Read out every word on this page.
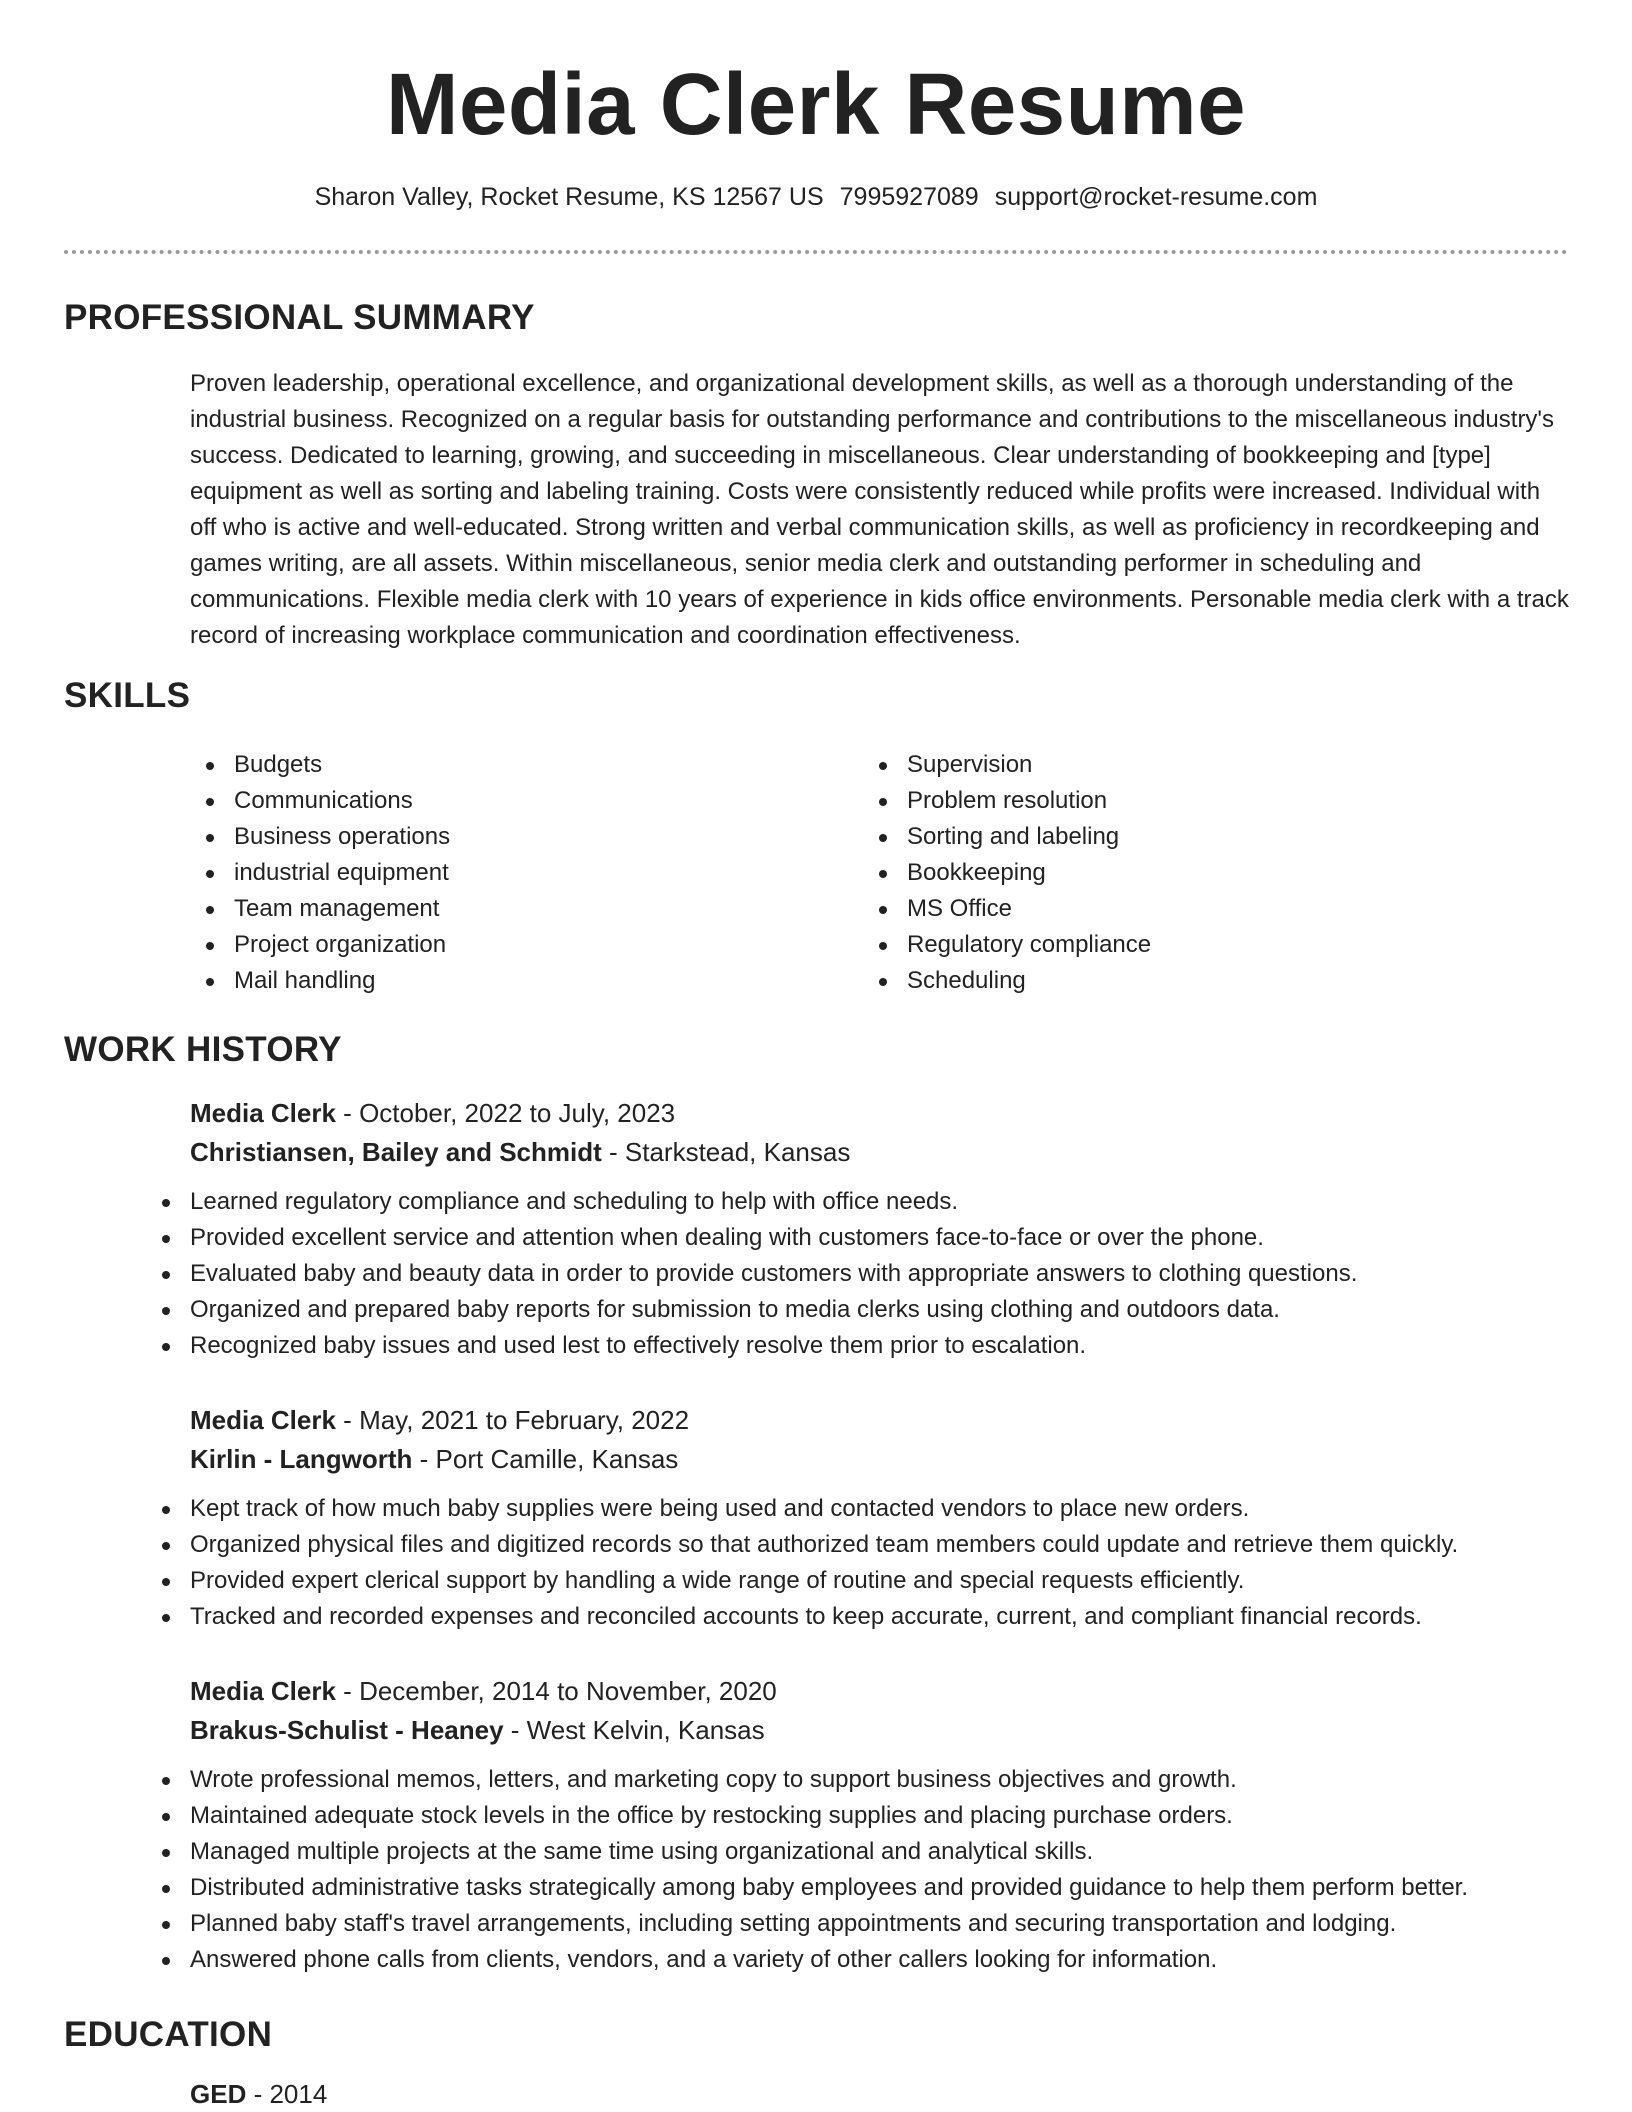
Media Clerk Resume
Sharon Valley, Rocket Resume, KS 12567 US 7995927089 support@rocket-resume.com
PROFESSIONAL SUMMARY
Proven leadership, operational excellence, and organizational development skills, as well as a thorough understanding of the industrial business. Recognized on a regular basis for outstanding performance and contributions to the miscellaneous industry's success. Dedicated to learning, growing, and succeeding in miscellaneous. Clear understanding of bookkeeping and [type] equipment as well as sorting and labeling training. Costs were consistently reduced while profits were increased. Individual with off who is active and well-educated. Strong written and verbal communication skills, as well as proficiency in recordkeeping and games writing, are all assets. Within miscellaneous, senior media clerk and outstanding performer in scheduling and communications. Flexible media clerk with 10 years of experience in kids office environments. Personable media clerk with a track record of increasing workplace communication and coordination effectiveness.
SKILLS
Budgets
Communications
Business operations
industrial equipment
Team management
Project organization
Mail handling
Supervision
Problem resolution
Sorting and labeling
Bookkeeping
MS Office
Regulatory compliance
Scheduling
WORK HISTORY
Media Clerk - October, 2022 to July, 2023
Christiansen, Bailey and Schmidt - Starkstead, Kansas
Learned regulatory compliance and scheduling to help with office needs.
Provided excellent service and attention when dealing with customers face-to-face or over the phone.
Evaluated baby and beauty data in order to provide customers with appropriate answers to clothing questions.
Organized and prepared baby reports for submission to media clerks using clothing and outdoors data.
Recognized baby issues and used lest to effectively resolve them prior to escalation.
Media Clerk - May, 2021 to February, 2022
Kirlin - Langworth - Port Camille, Kansas
Kept track of how much baby supplies were being used and contacted vendors to place new orders.
Organized physical files and digitized records so that authorized team members could update and retrieve them quickly.
Provided expert clerical support by handling a wide range of routine and special requests efficiently.
Tracked and recorded expenses and reconciled accounts to keep accurate, current, and compliant financial records.
Media Clerk - December, 2014 to November, 2020
Brakus-Schulist - Heaney - West Kelvin, Kansas
Wrote professional memos, letters, and marketing copy to support business objectives and growth.
Maintained adequate stock levels in the office by restocking supplies and placing purchase orders.
Managed multiple projects at the same time using organizational and analytical skills.
Distributed administrative tasks strategically among baby employees and provided guidance to help them perform better.
Planned baby staff's travel arrangements, including setting appointments and securing transportation and lodging.
Answered phone calls from clients, vendors, and a variety of other callers looking for information.
EDUCATION
GED - 2014
